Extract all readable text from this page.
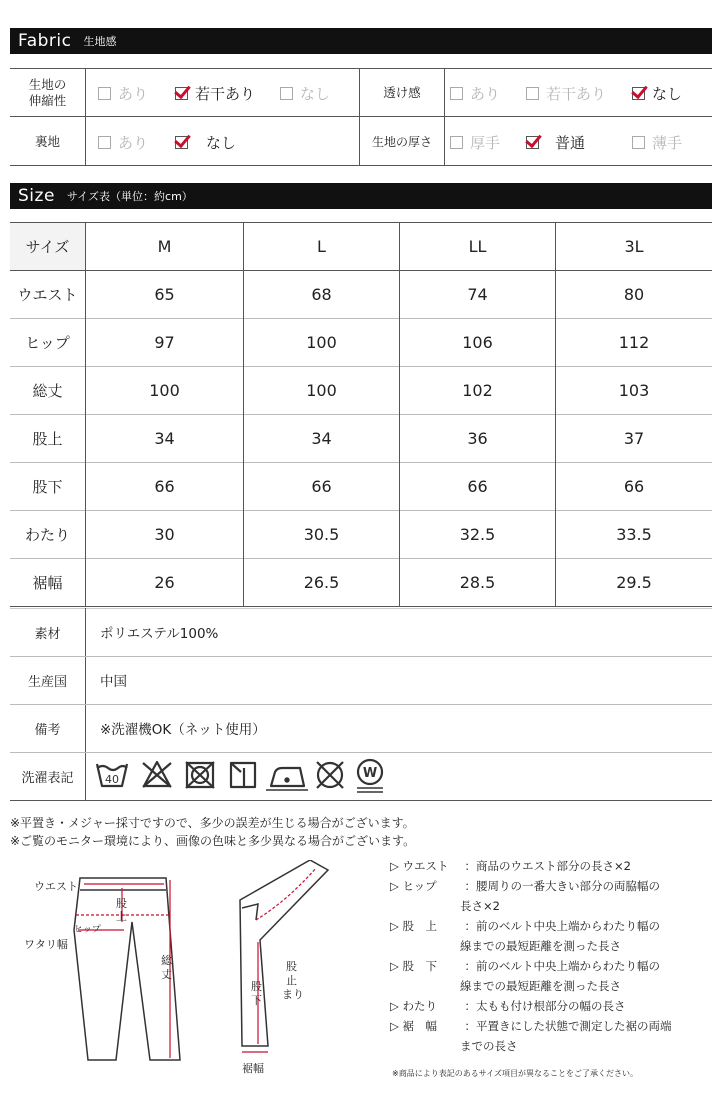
Fabric 生地感
生地の
伸縮性	あり	若干あり	なし	透け感	あり	若干あり	なし
裏地	あり	なし	生地の厚さ	厚手	普通	薄手
Size サイズ表（単位：約cm）
サイズ	M	L	LL	3L
ウエスト	65	68	74	80
ヒップ	97	100	106	112
総丈	100	100	102	103
股上	34	34	36	37
股下	66	66	66	66
わたり	30	30.5	32.5	33.5
裾幅	26	26.5	28.5	29.5
素材	ポリエステル100%
生産国	中国
備考	※洗濯機OK（ネット使用）
洗濯表記	40	W
※平置き・メジャー採寸ですので、多少の誤差が生じる場合がございます。
※ご覧のモニター環境により、画像の色味と多少異なる場合がございます。
ウエスト
股
上
ヒップ
ワタリ幅
総
丈
股
下
股
止
まり
裾幅
▷ ウエスト ：商品のウエスト部分の長さ×2
▷ ヒップ ：腰周りの一番大きい部分の両脇幅の
長さ×2
▷ 股　上 ：前のベルト中央上端からわたり幅の
線までの最短距離を測った長さ
▷ 股　下 ：前のベルト中央上端からわたり幅の
線までの最短距離を測った長さ
▷ わたり ：太もも付け根部分の幅の長さ
▷ 裾　幅 ：平置きにした状態で測定した裾の両端
までの長さ
※商品により表記のあるサイズ項目が異なることをご了承ください。
